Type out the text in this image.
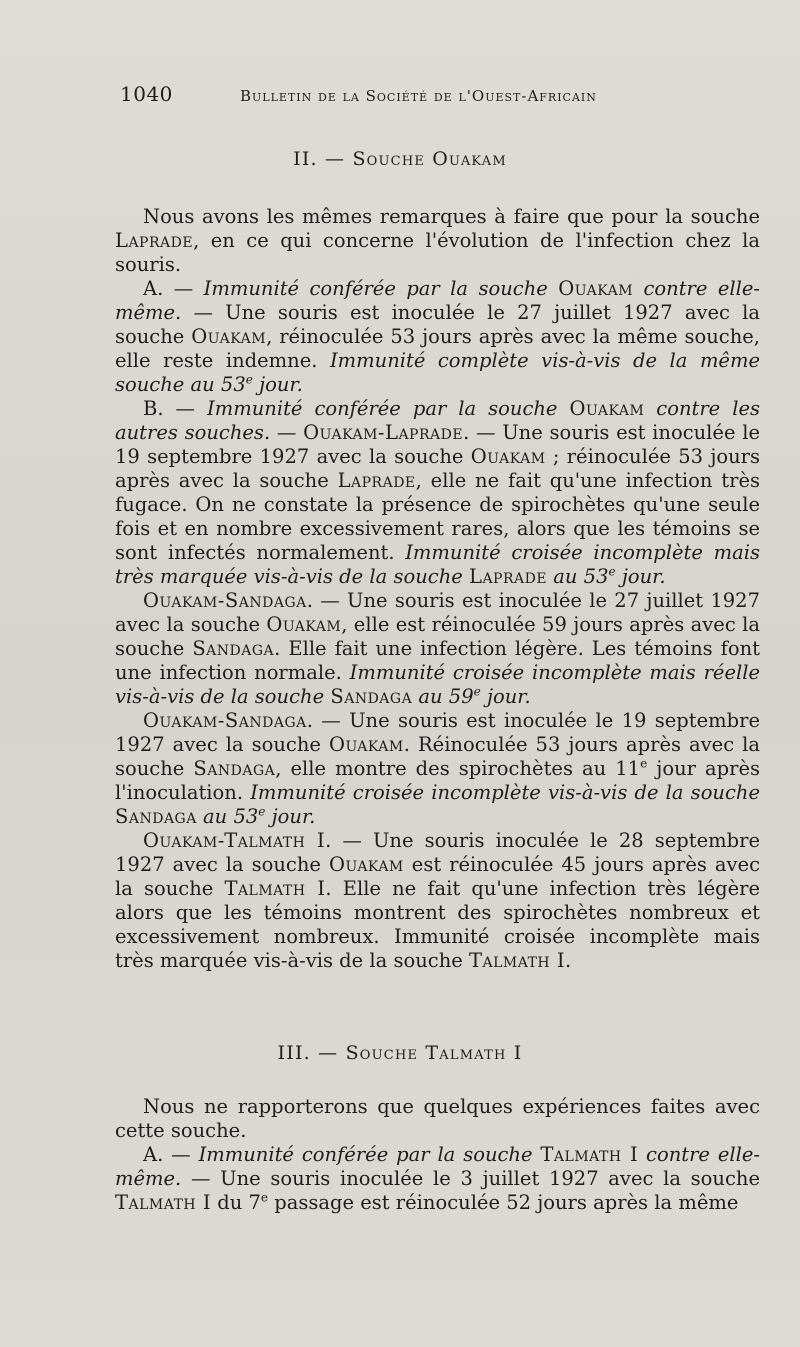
1040	Bulletin de la Société de l'Ouest-Africain
II. — Souche Ouakam

Nous avons les mêmes remarques à faire que pour la souche Laprade, en ce qui concerne l'évolution de l'infection chez la souris.

A. — Immunité conférée par la souche Ouakam contre elle-même. — Une souris est inoculée le 27 juillet 1927 avec la souche Ouakam, réinoculée 53 jours après avec la même souche, elle reste indemne. Immunité complète vis-à-vis de la même souche au 53e jour.

B. — Immunité conférée par la souche Ouakam contre les autres souches. — Ouakam-Laprade. — Une souris est inoculée le 19 septembre 1927 avec la souche Ouakam ; réinoculée 53 jours après avec la souche Laprade, elle ne fait qu'une infection très fugace. On ne constate la présence de spirochètes qu'une seule fois et en nombre excessivement rares, alors que les témoins se sont infectés normalement. Immunité croisée incomplète mais très marquée vis-à-vis de la souche Laprade au 53e jour.

Ouakam-Sandaga. — Une souris est inoculée le 27 juillet 1927 avec la souche Ouakam, elle est réinoculée 59 jours après avec la souche Sandaga. Elle fait une infection légère. Les témoins font une infection normale. Immunité croisée incomplète mais réelle vis-à-vis de la souche Sandaga au 59e jour.

Ouakam-Sandaga. — Une souris est inoculée le 19 septembre 1927 avec la souche Ouakam. Réinoculée 53 jours après avec la souche Sandaga, elle montre des spirochètes au 11e jour après l'inoculation. Immunité croisée incomplète vis-à-vis de la souche Sandaga au 53e jour.

Ouakam-Talmath I. — Une souris inoculée le 28 septembre 1927 avec la souche Ouakam est réinoculée 45 jours après avec la souche Talmath I. Elle ne fait qu'une infection très légère alors que les témoins montrent des spirochètes nombreux et excessivement nombreux. Immunité croisée incomplète mais très marquée vis-à-vis de la souche Talmath I.

III. — Souche Talmath I

Nous ne rapporterons que quelques expériences faites avec cette souche.

A. — Immunité conférée par la souche Talmath I contre elle-même. — Une souris inoculée le 3 juillet 1927 avec la souche Talmath I du 7e passage est réinoculée 52 jours après la même
